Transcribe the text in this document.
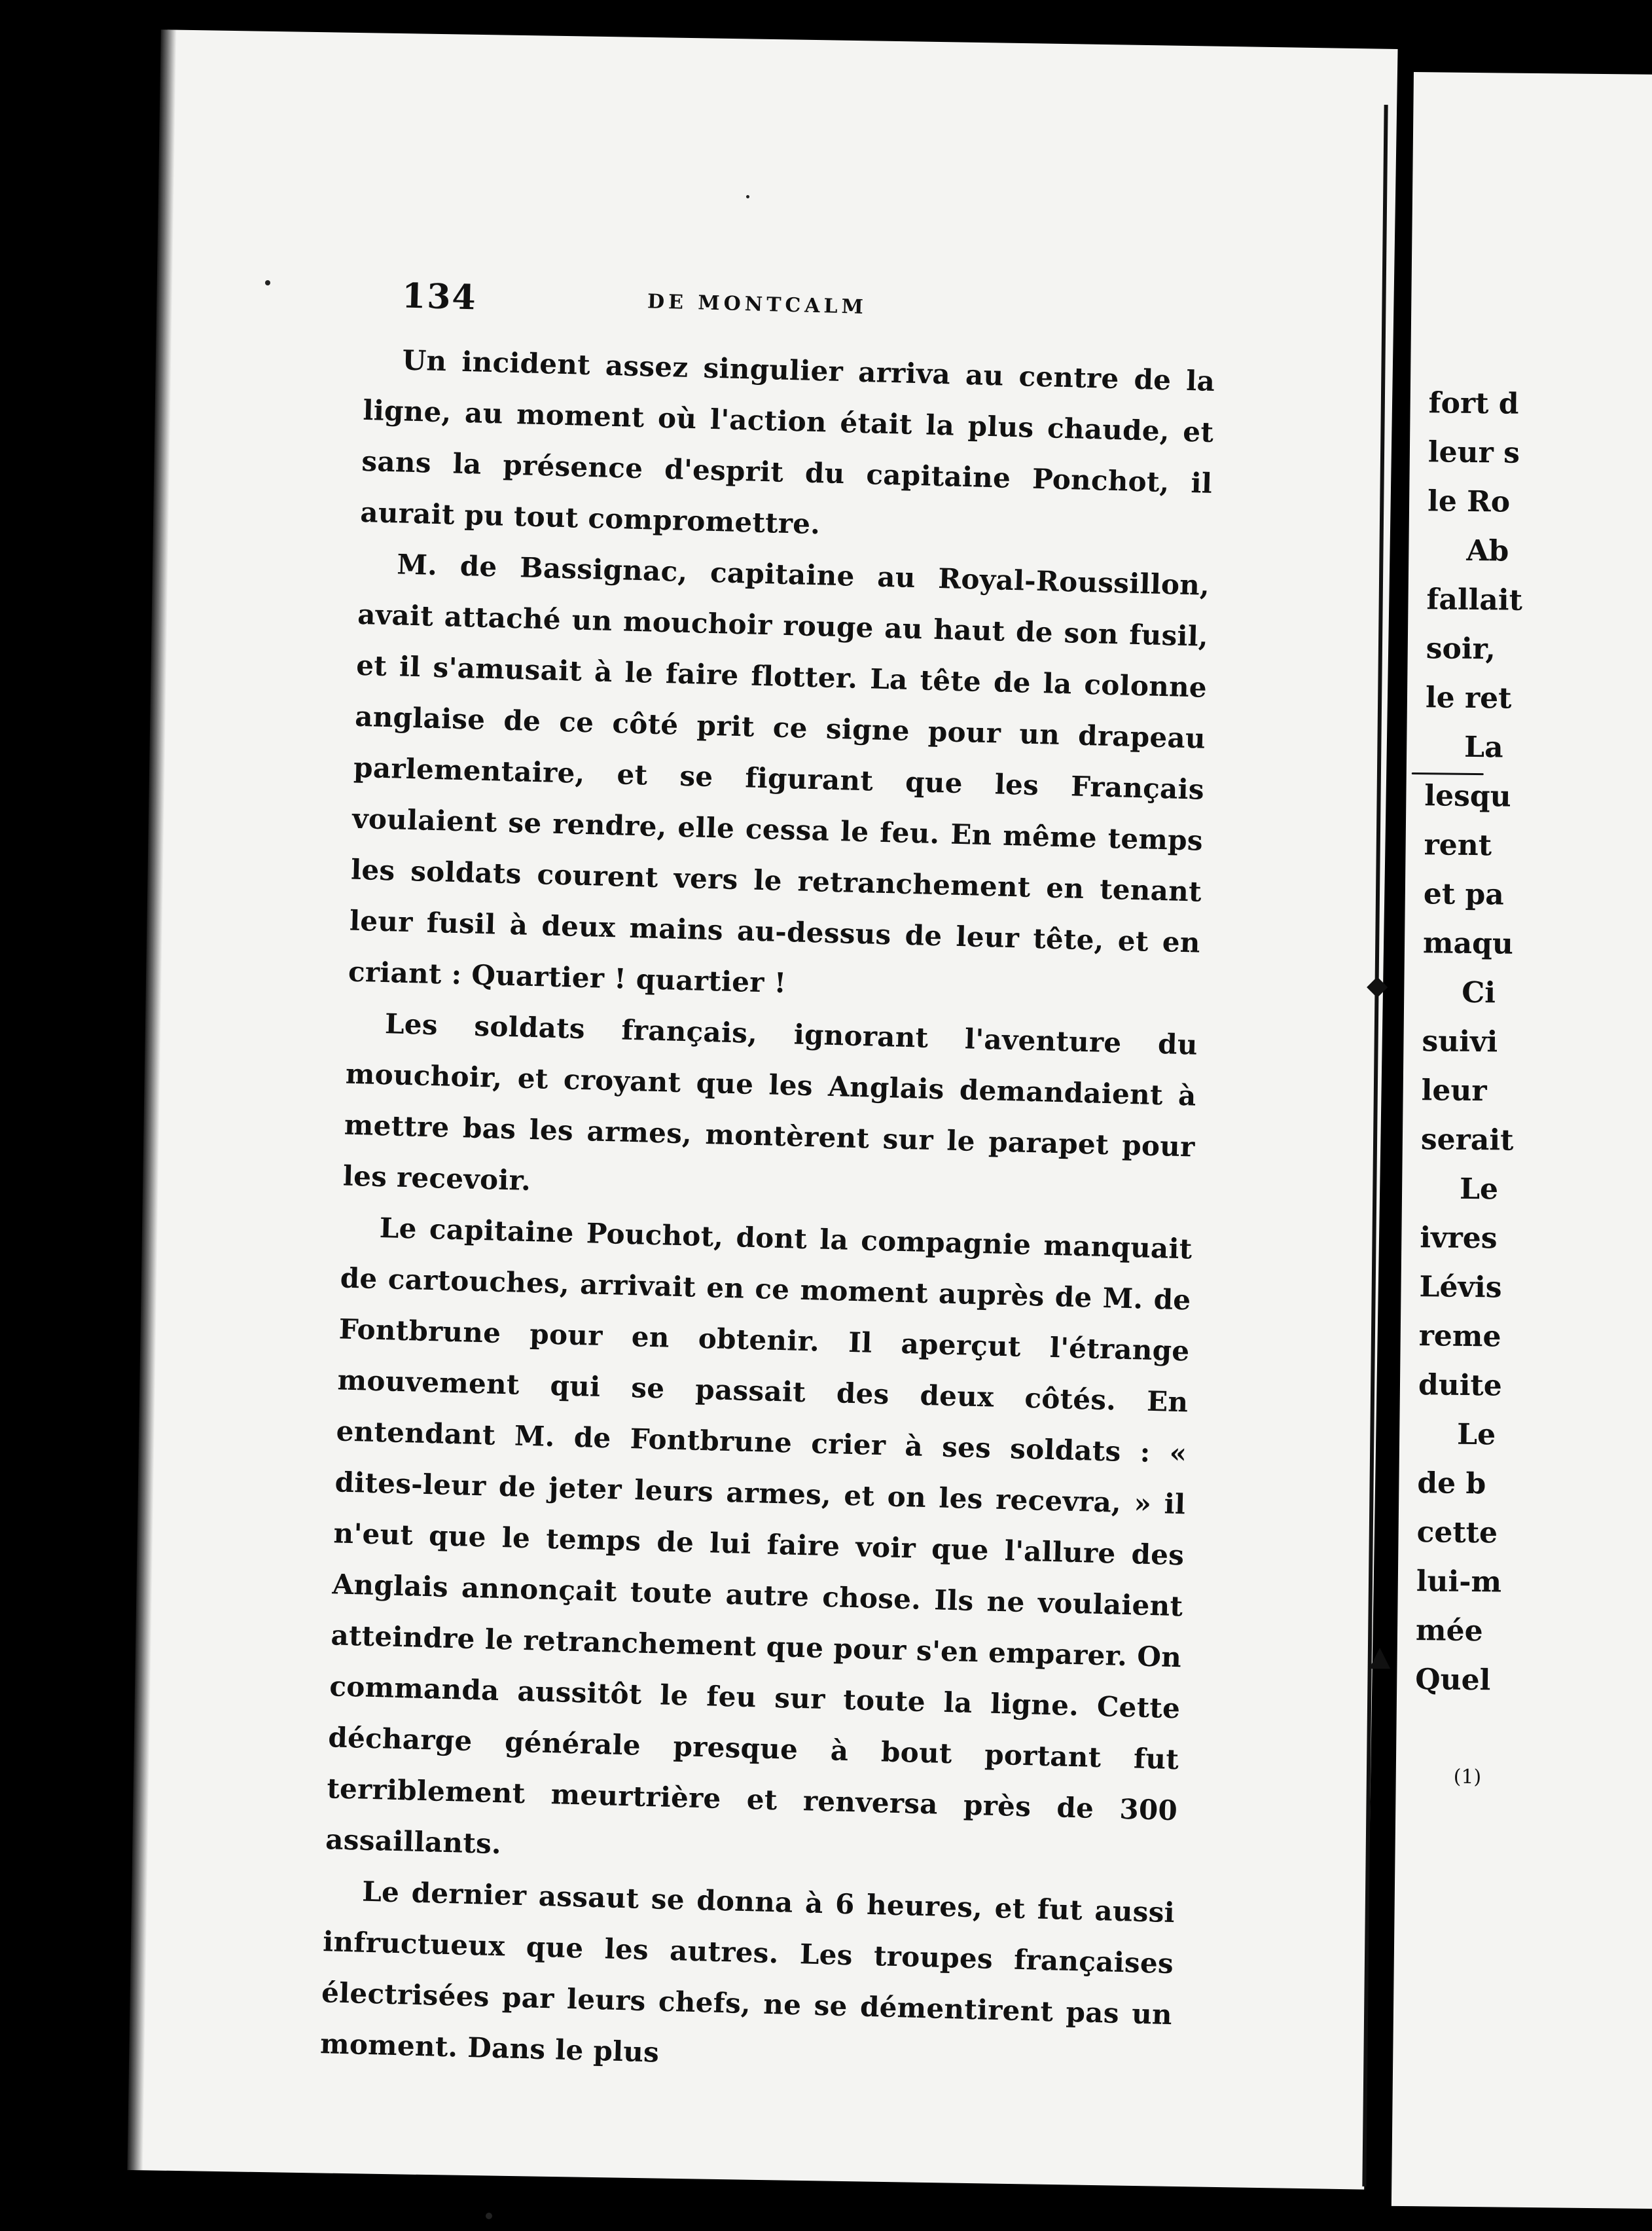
◆
▲
fort d
leur s
le Ro
Ab
fallait
soir,
le ret
La
lesqu
rent
et pa
maqu
Ci
suivi
leur
serait
Le
ivres
Lévis
reme
duite
Le
de b
cette
lui-m
mée
Quel
(1)
134	DE MONTCALM

Un incident assez singulier arriva au centre de la ligne, au moment où l'action était la plus chaude, et sans la présence d'esprit du capitaine Ponchot, il aurait pu tout compromettre.

M. de Bassignac, capitaine au Royal-Roussillon, avait attaché un mouchoir rouge au haut de son fusil, et il s'amusait à le faire flotter. La tête de la colonne anglaise de ce côté prit ce signe pour un drapeau parlementaire, et se figurant que les Français voulaient se rendre, elle cessa le feu. En même temps les soldats courent vers le retranchement en tenant leur fusil à deux mains au-dessus de leur tête, et en criant : Quartier ! quartier !

Les soldats français, ignorant l'aventure du mouchoir, et croyant que les Anglais demandaient à mettre bas les armes, montèrent sur le parapet pour les recevoir.

Le capitaine Pouchot, dont la compagnie manquait de cartouches, arrivait en ce moment auprès de M. de Fontbrune pour en obtenir. Il aperçut l'étrange mouvement qui se passait des deux côtés. En entendant M. de Fontbrune crier à ses soldats : « dites-leur de jeter leurs armes, et on les recevra, » il n'eut que le temps de lui faire voir que l'allure des Anglais annonçait toute autre chose. Ils ne voulaient atteindre le retranchement que pour s'en emparer. On commanda aussitôt le feu sur toute la ligne. Cette décharge générale presque à bout portant fut terriblement meurtrière et renversa près de 300 assaillants.

Le dernier assaut se donna à 6 heures, et fut aussi infructueux que les autres. Les troupes françaises électrisées par leurs chefs, ne se démentirent pas un moment. Dans le plus
